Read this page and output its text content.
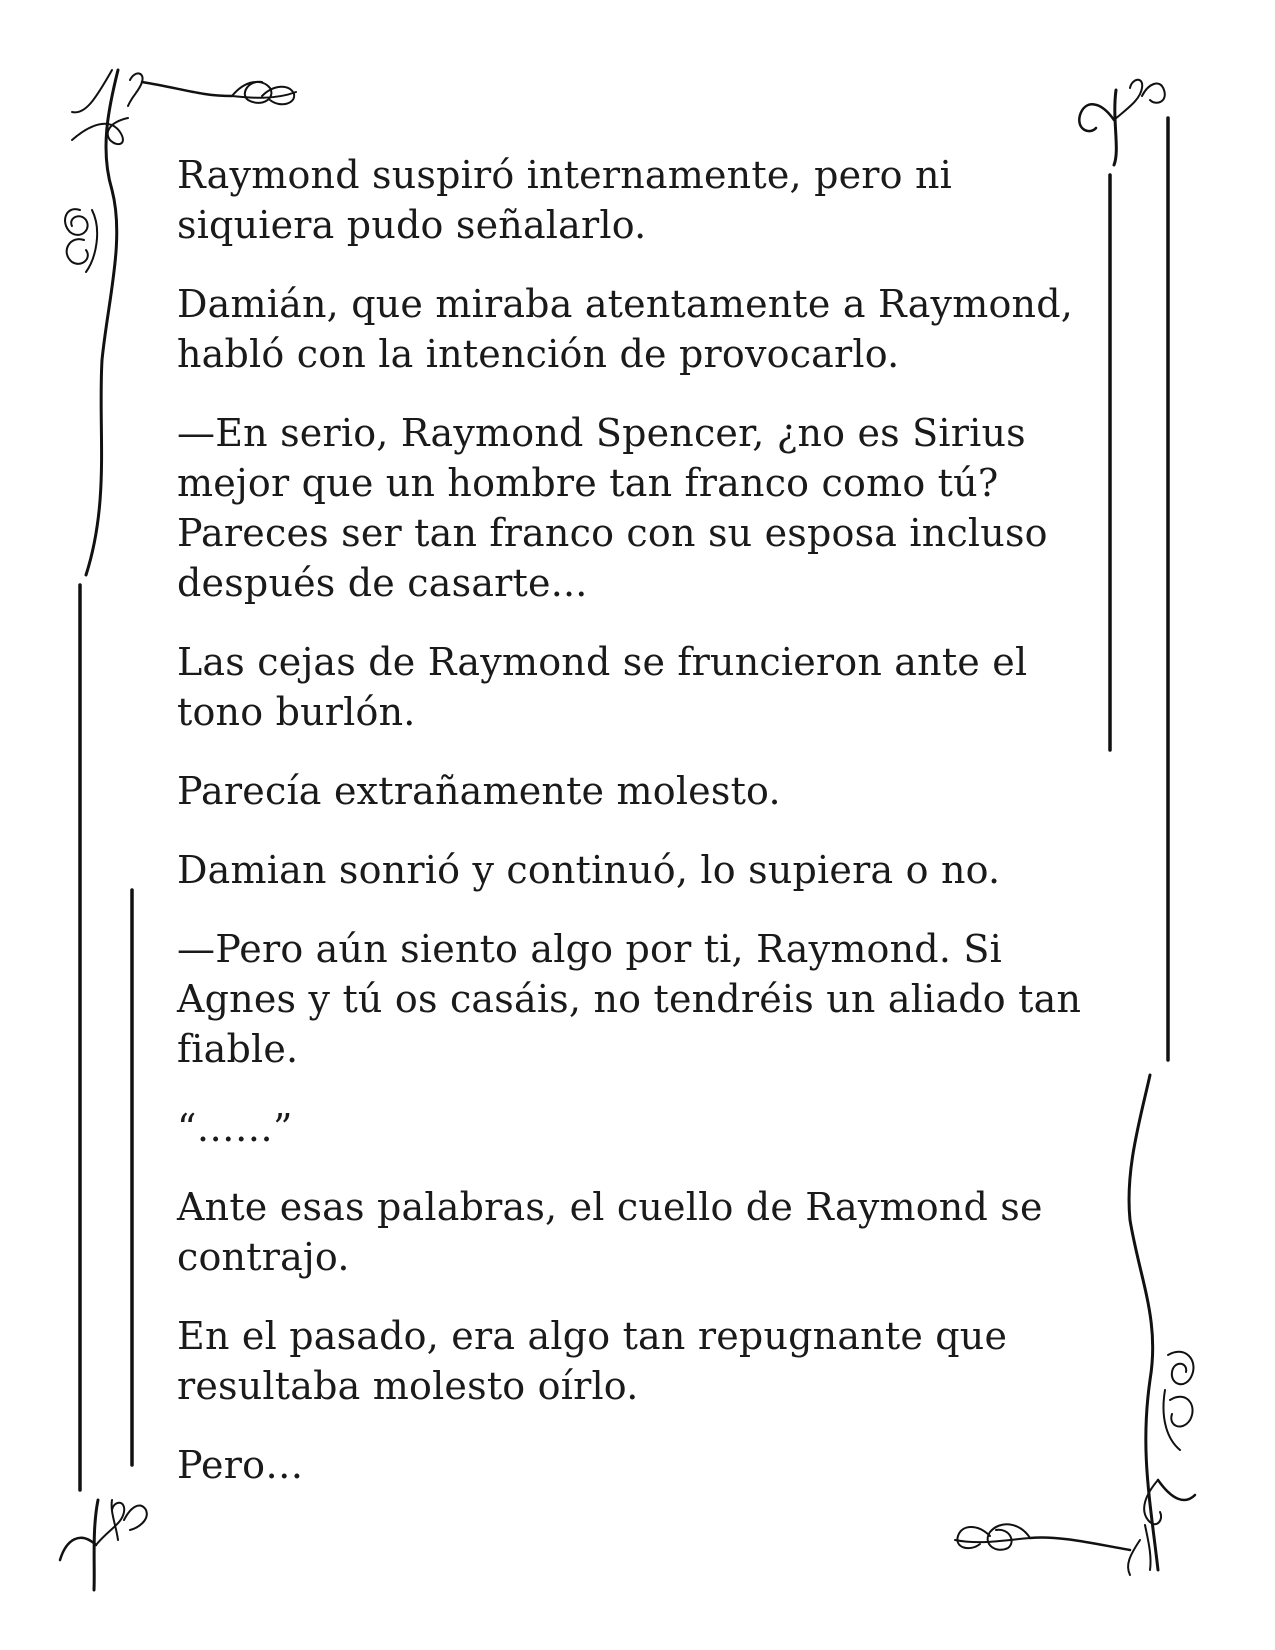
Raymond suspiró internamente, pero ni
siquiera pudo señalarlo.

Damián, que miraba atentamente a Raymond,
habló con la intención de provocarlo.

—En serio, Raymond Spencer, ¿no es Sirius
mejor que un hombre tan franco como tú?
Pareces ser tan franco con su esposa incluso
después de casarte...

Las cejas de Raymond se fruncieron ante el
tono burlón.

Parecía extrañamente molesto.

Damian sonrió y continuó, lo supiera o no.

—Pero aún siento algo por ti, Raymond. Si
Agnes y tú os casáis, no tendréis un aliado tan
fiable.

“……”

Ante esas palabras, el cuello de Raymond se
contrajo.

En el pasado, era algo tan repugnante que
resultaba molesto oírlo.

Pero…
